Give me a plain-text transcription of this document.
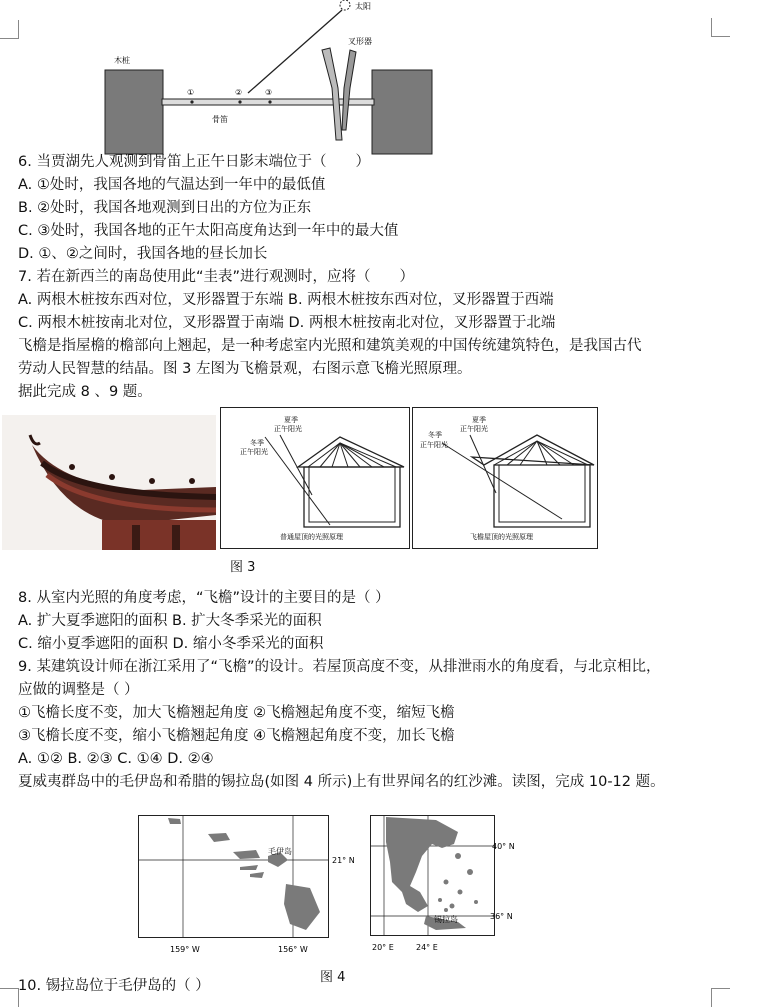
太阳
木桩
骨笛
①	②	③
叉形器
6. 当贾湖先人观测到骨笛上正午日影末端位于（　　）
A. ①处时，我国各地的气温达到一年中的最低值
B. ②处时，我国各地观测到日出的方位为正东
C. ③处时，我国各地的正午太阳高度角达到一年中的最大值
D. ①、②之间时，我国各地的昼长加长
7. 若在新西兰的南岛使用此“圭表”进行观测时，应将（　　）
A. 两根木桩按东西对位，叉形器置于东端 B. 两根木桩按东西对位，叉形器置于西端
C. 两根木桩按南北对位，叉形器置于南端 D. 两根木桩按南北对位，叉形器置于北端
飞檐是指屋檐的檐部向上翘起，是一种考虑室内光照和建筑美观的中国传统建筑特色，是我国古代
劳动人民智慧的结晶。图 3 左图为飞檐景观，右图示意飞檐光照原理。
据此完成 8 、9 题。
冬季
正午阳光
夏季
正午阳光
普通屋顶的光照原理
冬季
正午阳光
夏季
正午阳光
飞檐屋顶的光照原理
图 3
8. 从室内光照的角度考虑，“飞檐”设计的主要目的是（ ）
A. 扩大夏季遮阳的面积 B. 扩大冬季采光的面积
C. 缩小夏季遮阳的面积 D. 缩小冬季采光的面积
9. 某建筑设计师在浙江采用了“飞檐”的设计。若屋顶高度不变，从排泄雨水的角度看，与北京相比，
应做的调整是（ ）
①飞檐长度不变，加大飞檐翘起角度 ②飞檐翘起角度不变，缩短飞檐
③飞檐长度不变，缩小飞檐翘起角度 ④飞檐翘起角度不变，加长飞檐
A. ①② B. ②③ C. ①④ D. ②④
夏威夷群岛中的毛伊岛和希腊的锡拉岛(如图 4 所示)上有世界闻名的红沙滩。读图，完成 10-12 题。
毛伊岛
21° N
159° W	156° W
锡拉岛
40° N
36° N
20° E	24° E
图 4
10. 锡拉岛位于毛伊岛的（ ）
